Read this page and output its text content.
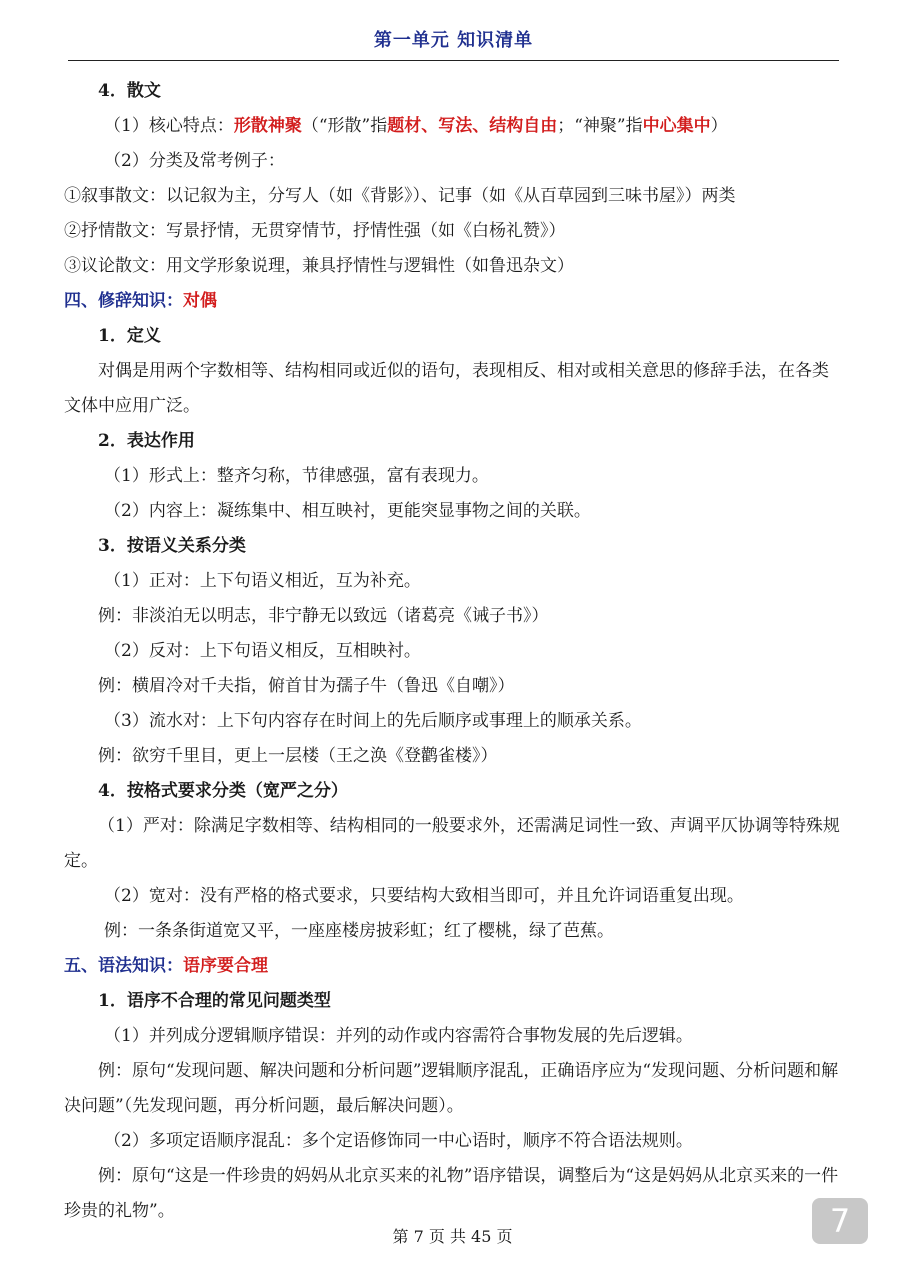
第一单元 知识清单
4．散文
（1）核心特点：形散神聚（“形散”指题材、写法、结构自由；“神聚”指中心集中）
（2）分类及常考例子：
①叙事散文：以记叙为主，分写人（如《背影》）、记事（如《从百草园到三味书屋》）两类
②抒情散文：写景抒情，无贯穿情节，抒情性强（如《白杨礼赞》）
③议论散文：用文学形象说理，兼具抒情性与逻辑性（如鲁迅杂文）
四、修辞知识：对偶
1．定义
对偶是用两个字数相等、结构相同或近似的语句，表现相反、相对或相关意思的修辞手法，在各类文体中应用广泛。
2．表达作用
（1）形式上：整齐匀称，节律感强，富有表现力。
（2）内容上：凝练集中、相互映衬，更能突显事物之间的关联。
3．按语义关系分类
（1）正对：上下句语义相近，互为补充。
例：非淡泊无以明志，非宁静无以致远（诸葛亮《诫子书》）
（2）反对：上下句语义相反，互相映衬。
例：横眉冷对千夫指，俯首甘为孺子牛（鲁迅《自嘲》）
（3）流水对：上下句内容存在时间上的先后顺序或事理上的顺承关系。
例：欲穷千里目，更上一层楼（王之涣《登鹳雀楼》）
4．按格式要求分类（宽严之分）
（1）严对：除满足字数相等、结构相同的一般要求外，还需满足词性一致、声调平仄协调等特殊规定。
（2）宽对：没有严格的格式要求，只要结构大致相当即可，并且允许词语重复出现。
例：一条条街道宽又平，一座座楼房披彩虹；红了樱桃，绿了芭蕉。
五、语法知识：语序要合理
1．语序不合理的常见问题类型
（1）并列成分逻辑顺序错误：并列的动作或内容需符合事物发展的先后逻辑。
例：原句“发现问题、解决问题和分析问题”逻辑顺序混乱，正确语序应为“发现问题、分析问题和解决问题”（先发现问题，再分析问题，最后解决问题）。
（2）多项定语顺序混乱：多个定语修饰同一中心语时，顺序不符合语法规则。
例：原句“这是一件珍贵的妈妈从北京买来的礼物”语序错误，调整后为“这是妈妈从北京买来的一件珍贵的礼物”。
第 7 页 共 45 页	7
